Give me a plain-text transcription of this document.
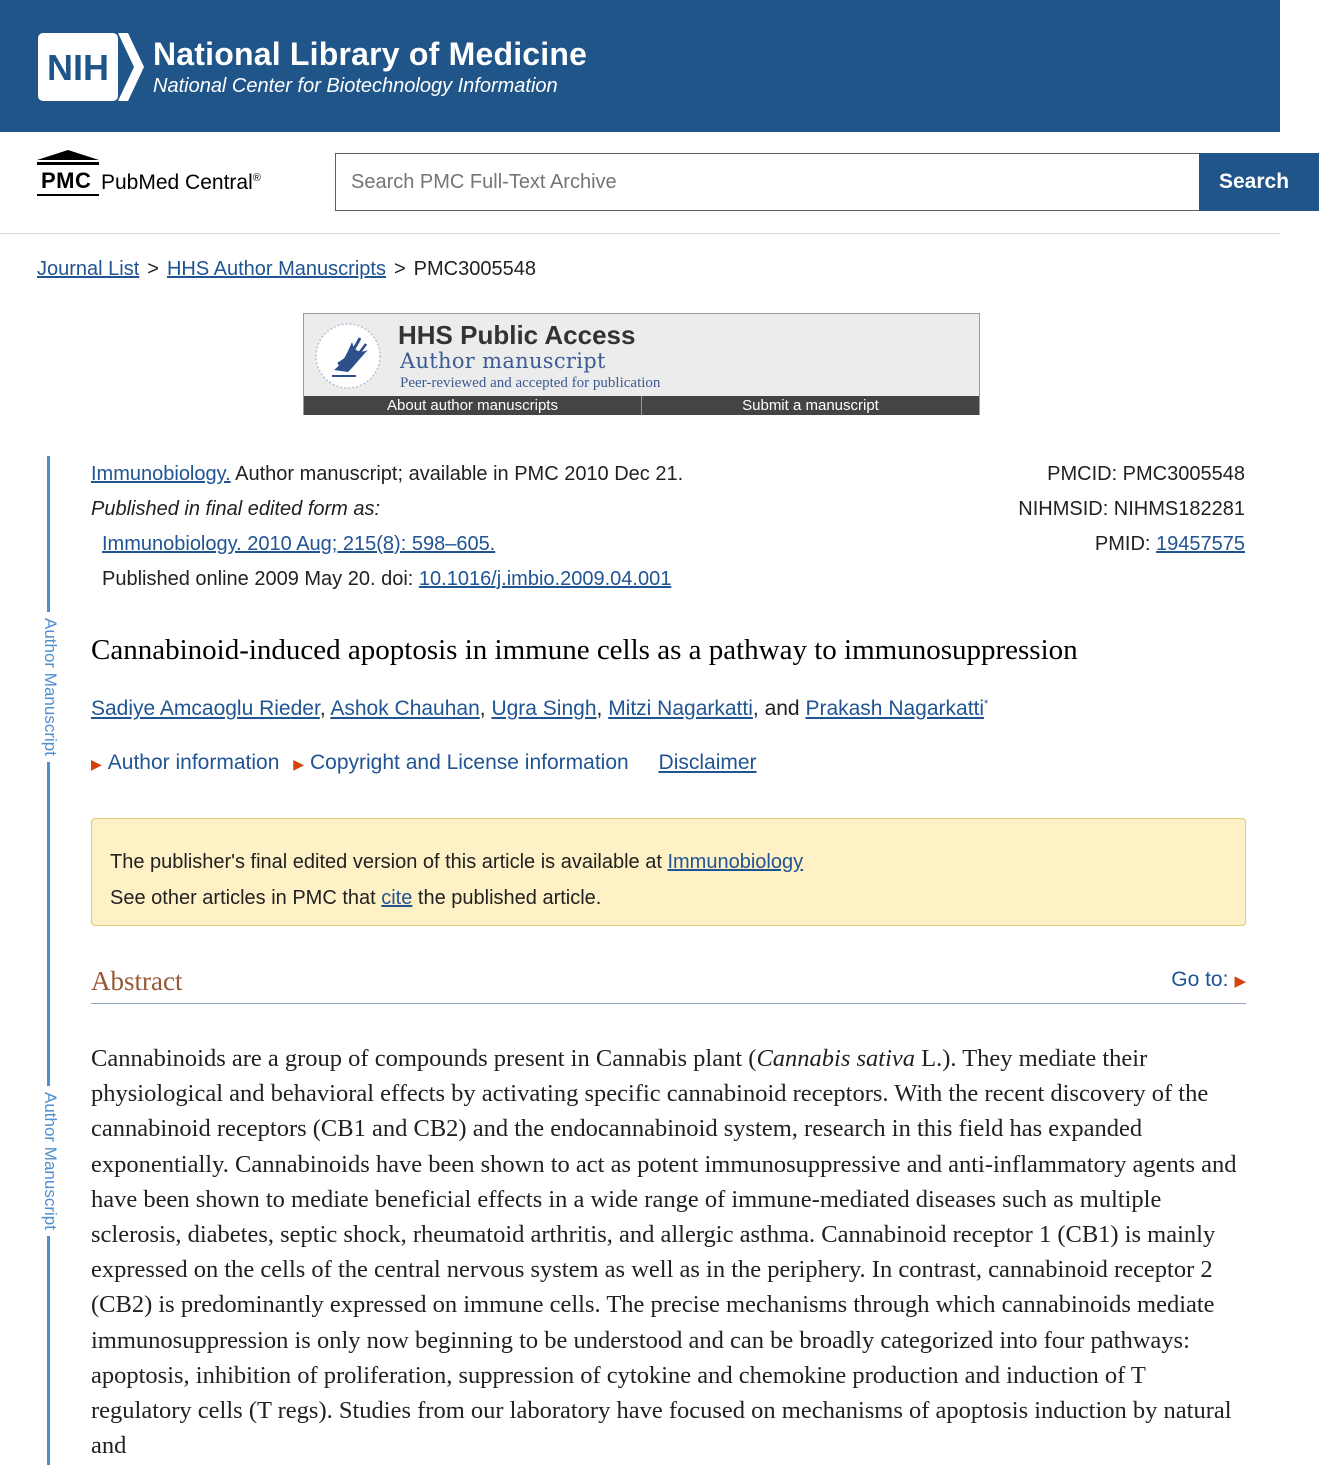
NIH National Library of Medicine
National Center for Biotechnology Information
PMC PubMed Central®
Search PMC Full-Text Archive	Search
Journal List > HHS Author Manuscripts > PMC3005548
HHS Public Access
Author manuscript
Peer-reviewed and accepted for publication
About author manuscripts	Submit a manuscript
Author Manuscript
Author Manuscript
Immunobiology. Author manuscript; available in PMC 2010 Dec 21.
Published in final edited form as:
Immunobiology. 2010 Aug; 215(8): 598–605.
Published online 2009 May 20. doi: 10.1016/j.imbio.2009.04.001
PMCID: PMC3005548
NIHMSID: NIHMS182281
PMID: 19457575
Cannabinoid-induced apoptosis in immune cells as a pathway to immunosuppression
Sadiye Amcaoglu Rieder, Ashok Chauhan, Ugra Singh, Mitzi Nagarkatti, and Prakash Nagarkatti*
▶ Author information ▶ Copyright and License information Disclaimer
The publisher's final edited version of this article is available at Immunobiology
See other articles in PMC that cite the published article.
Abstract	Go to: ▶

Cannabinoids are a group of compounds present in Cannabis plant (Cannabis sativa L.). They mediate their physiological and behavioral effects by activating specific cannabinoid receptors. With the recent discovery of the cannabinoid receptors (CB1 and CB2) and the endocannabinoid system, research in this field has expanded exponentially. Cannabinoids have been shown to act as potent immunosuppressive and anti-inflammatory agents and have been shown to mediate beneficial effects in a wide range of immune-mediated diseases such as multiple sclerosis, diabetes, septic shock, rheumatoid arthritis, and allergic asthma. Cannabinoid receptor 1 (CB1) is mainly expressed on the cells of the central nervous system as well as in the periphery. In contrast, cannabinoid receptor 2 (CB2) is predominantly expressed on immune cells. The precise mechanisms through which cannabinoids mediate immunosuppression is only now beginning to be understood and can be broadly categorized into four pathways: apoptosis, inhibition of proliferation, suppression of cytokine and chemokine production and induction of T regulatory cells (T regs). Studies from our laboratory have focused on mechanisms of apoptosis induction by natural and
